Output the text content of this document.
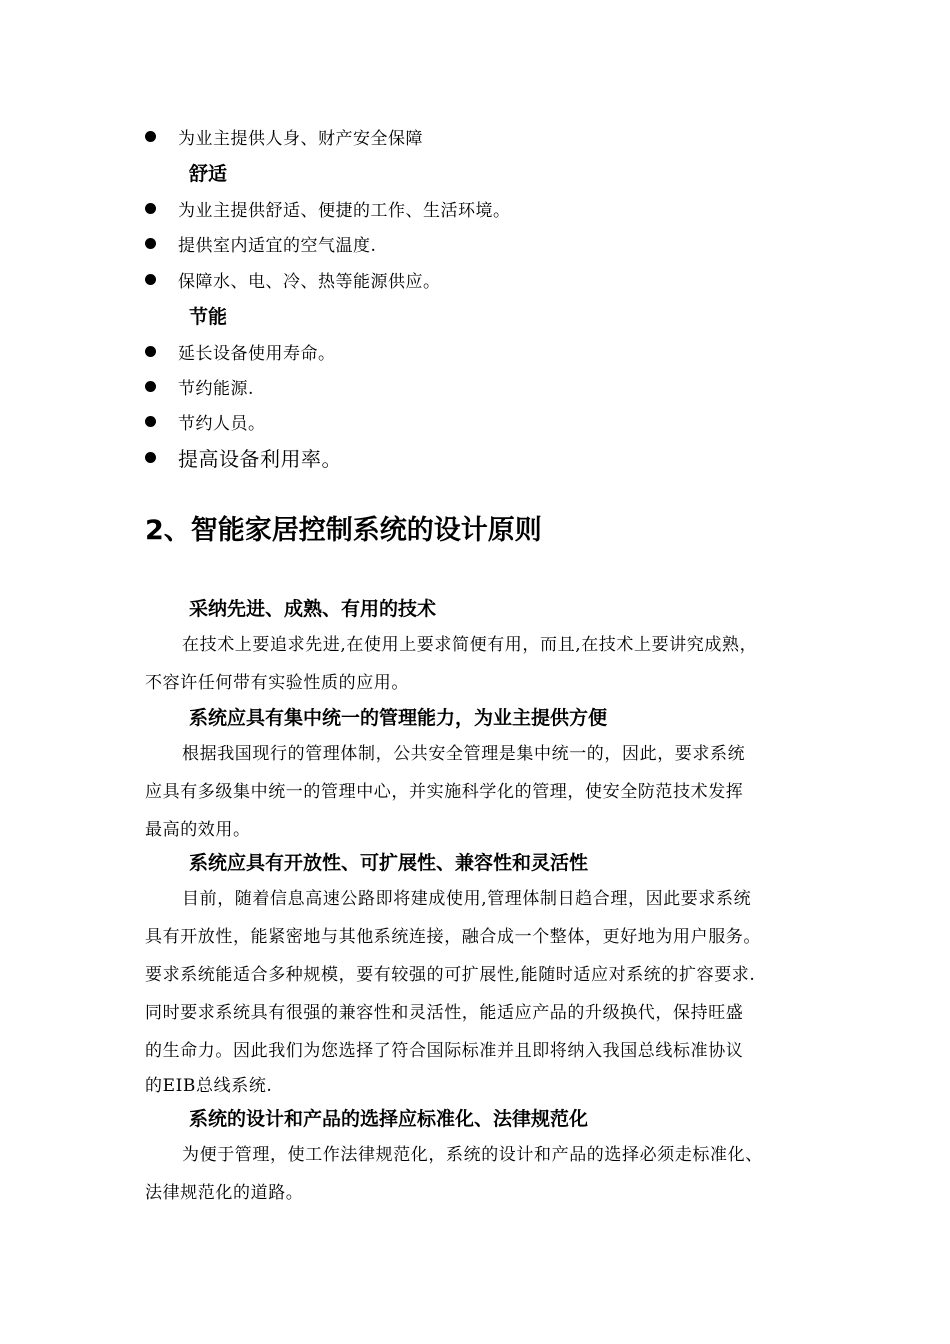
为业主提供人身、财产安全保障
舒适
为业主提供舒适、便捷的工作、生活环境。
提供室内适宜的空气温度.
保障水、电、冷、热等能源供应。
节能
延长设备使用寿命。
节约能源.
节约人员。
提高设备利用率。
2、智能家居控制系统的设计原则
采纳先进、成熟、有用的技术
在技术上要追求先进,在使用上要求简便有用，而且,在技术上要讲究成熟，
不容许任何带有实验性质的应用。
系统应具有集中统一的管理能力，为业主提供方便
根据我国现行的管理体制，公共安全管理是集中统一的，因此，要求系统
应具有多级集中统一的管理中心，并实施科学化的管理，使安全防范技术发挥
最高的效用。
系统应具有开放性、可扩展性、兼容性和灵活性
目前，随着信息高速公路即将建成使用,管理体制日趋合理，因此要求系统
具有开放性，能紧密地与其他系统连接，融合成一个整体，更好地为用户服务。
要求系统能适合多种规模，要有较强的可扩展性,能随时适应对系统的扩容要求.
同时要求系统具有很强的兼容性和灵活性，能适应产品的升级换代，保持旺盛
的生命力。因此我们为您选择了符合国际标准并且即将纳入我国总线标准协议
的EIB总线系统.
系统的设计和产品的选择应标准化、法律规范化
为便于管理，使工作法律规范化，系统的设计和产品的选择必须走标准化、
法律规范化的道路。
